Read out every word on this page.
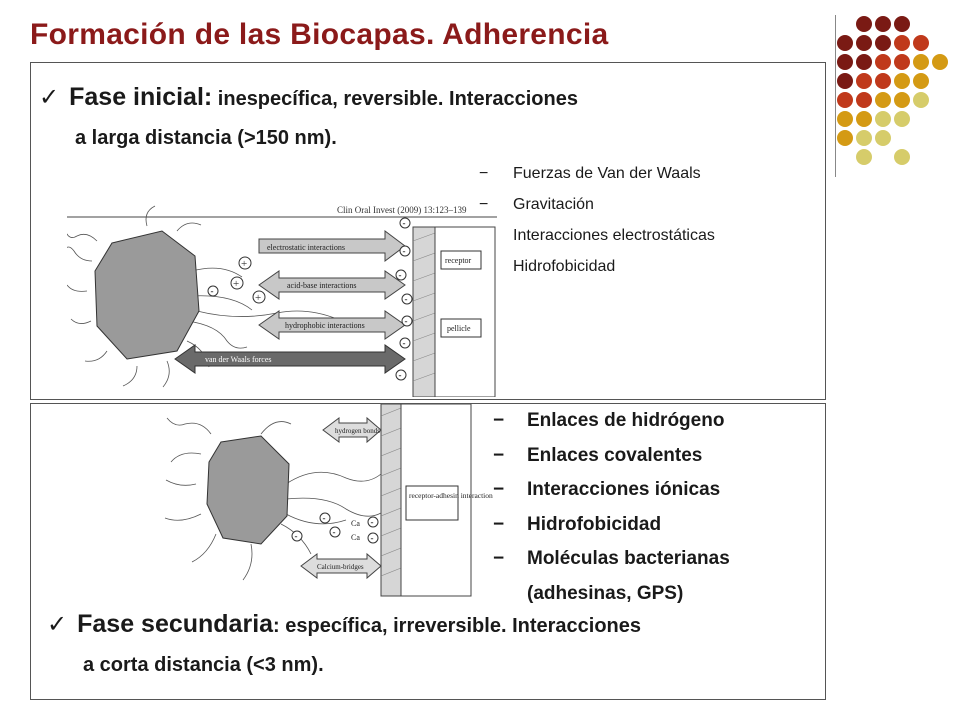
Formación de las Biocapas. Adherencia
✓ Fase inicial: inespecífica, reversible. Interacciones
a larga distancia (>150 nm).
− Fuerzas de Van der Waals
− Gravitación
− Interacciones electrostáticas
− Hidrofobicidad
Clin Oral Invest (2009) 13:123–139
+
+
+
electrostatic interactions
acid-base interactions
hydrophobic interactions
van der Waals forces
-
-
-
-
-
-
-
-
receptor
pellicle
receptor-adhesin interaction
hydrogen bonds
Calcium-bridges
Ca
Ca
-
-
-
-
-
− Enlaces de hidrógeno
− Enlaces covalentes
− Interacciones iónicas
− Hidrofobicidad
− Moléculas bacterianas
(adhesinas, GPS)
✓ Fase secundaria: específica, irreversible. Interacciones
a corta distancia (<3 nm).
